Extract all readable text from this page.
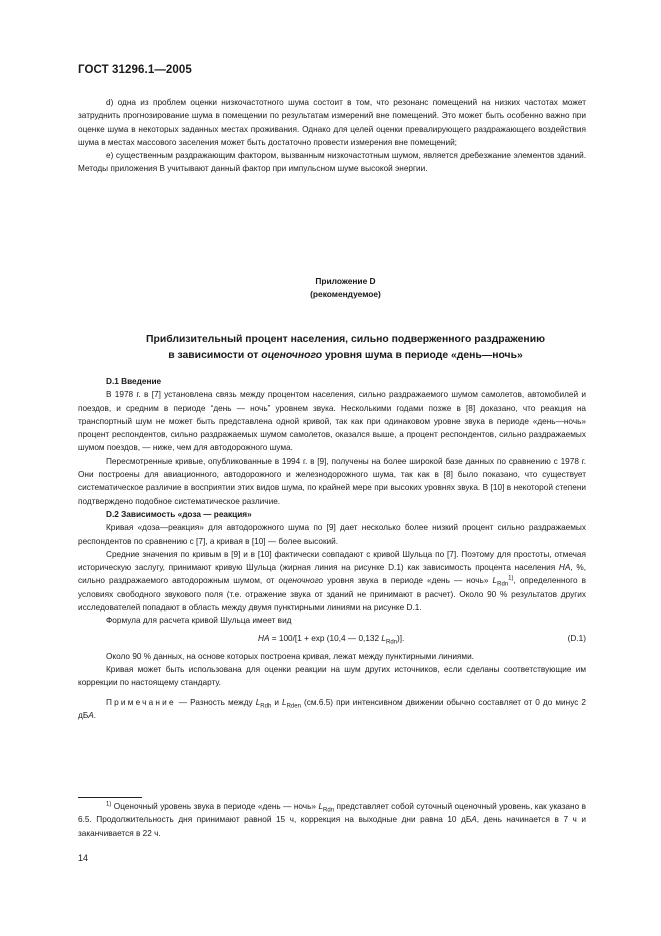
ГОСТ 31296.1—2005

d) одна из проблем оценки низкочастотного шума состоит в том, что резонанс помещений на низких частотах может затруднить прогнозирование шума в помещении по результатам измерений вне помещений. Это может быть особенно важно при оценке шума в некоторых заданных местах проживания. Однако для целей оценки превалирующего раздражающего воздействия шума в местах массового заселения может быть достаточно провести измерения вне помещений;

е) существенным раздражающим фактором, вызванным низкочастотным шумом, является дребезжание элементов зданий. Методы приложения В учитывают данный фактор при импульсном шуме высокой энергии.

Приложение D
(рекомендуемое)
Приблизительный процент населения, сильно подверженного раздражению
в зависимости от оценочного уровня шума в периоде «день—ночь»

D.1 Введение

В 1978 г. в [7] установлена связь между процентом населения, сильно раздражаемого шумом самолетов, автомобилей и поездов, и средним в периоде “день — ночь” уровнем звука. Несколькими годами позже в [8] доказано, что реакция на транспортный шум не может быть представлена одной кривой, так как при одинаковом уровне звука в периоде «день—ночь» процент респондентов, сильно раздражаемых шумом самолетов, оказался выше, а процент респондентов, сильно раздражаемых шумом поездов, — ниже, чем для автодорожного шума.

Пересмотренные кривые, опубликованные в 1994 г. в [9], получены на более широкой базе данных по сравнению с 1978 г. Они построены для авиационного, автодорожного и железнодорожного шума, так как в [8] было показано, что существует систематическое различие в восприятии этих видов шума, по крайней мере при высоких уровнях звука. В [10] в некоторой степени подтверждено подобное систематическое различие.

D.2 Зависимость «доза — реакция»

Кривая «доза—реакция» для автодорожного шума по [9] дает несколько более низкий процент сильно раздражаемых респондентов по сравнению с [7], а кривая в [10] — более высокий.

Средние значения по кривым в [9] и в [10] фактически совпадают с кривой Шульца по [7]. Поэтому для простоты, отмечая историческую заслугу, принимают кривую Шульца (жирная линия на рисунке D.1) как зависимость процента населения HA, %, сильно раздражаемого автодорожным шумом, от оценочного уровня звука в периоде «день — ночь» $L_{Rdn}^{1)}$, определенного в условиях свободного звукового поля (т.е. отражение звука от зданий не принимают в расчет). Около 90 % результатов других исследователей попадают в область между двумя пунктирными линиями на рисунке D.1.

Формула для расчета кривой Шульца имеет вид

HA = 100/[1 + exp (10,4 — 0,132 $L_{Rdn}$)].	(D.1)

Около 90 % данных, на основе которых построена кривая, лежат между пунктирными линиями.

Кривая может быть использована для оценки реакции на шум других источников, если сделаны соответствующие им коррекции по настоящему стандарту.

Примечание — Разность между $L_{Rdh}$ и $L_{Rden}$ (см.6.5) при интенсивном движении обычно составляет от 0 до минус 2 дБА.

$^{1)}$ Оценочный уровень звука в периоде «день — ночь» $L_{Rdn}$ представляет собой суточный оценочный уровень, как указано в 6.5. Продолжительность дня принимают равной 15 ч, коррекция на выходные дни равна 10 дБА, день начинается в 7 ч и заканчивается в 22 ч.
14
